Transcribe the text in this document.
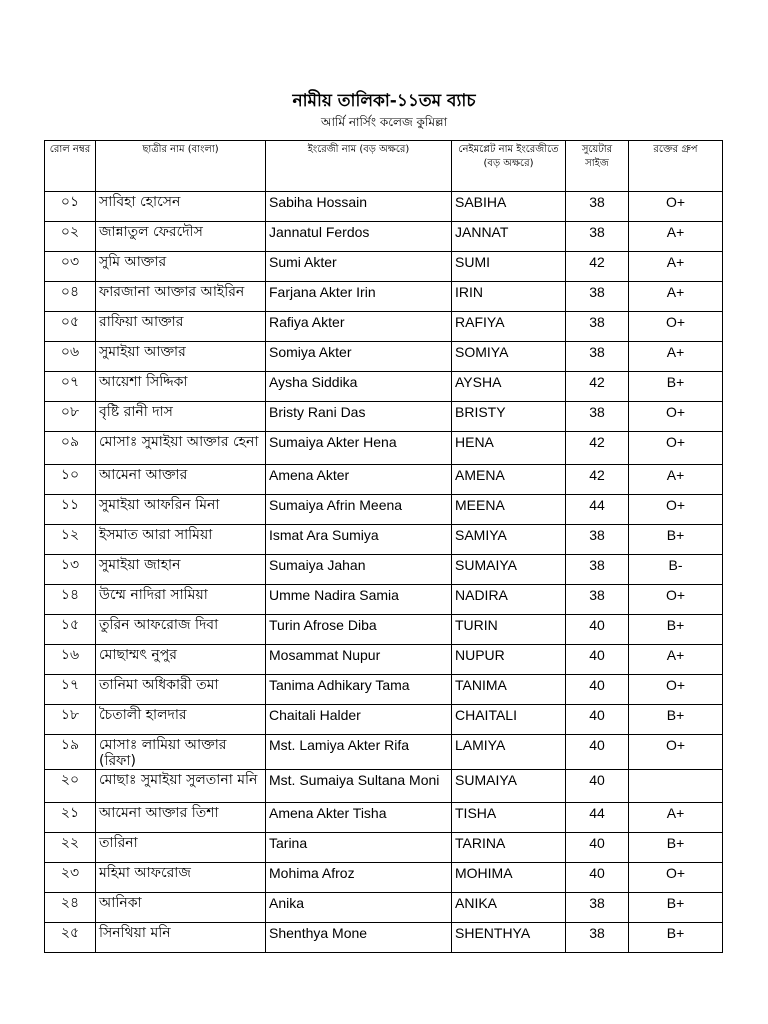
নামীয় তালিকা-১১তম ব্যাচ
আর্মি নার্সিং কলেজ কুমিল্লা
রোল নম্বর	ছাত্রীর নাম (বাংলা)	ইংরেজী নাম (বড় অক্ষরে)	নেইমপ্লেট নাম ইংরেজীতে (বড় অক্ষরে)	সুয়েটার সাইজ	রক্তের গ্রুপ
০১	সাবিহা হোসেন	Sabiha Hossain	SABIHA	38	O+
০২	জান্নাতুল ফেরদৌস	Jannatul Ferdos	JANNAT	38	A+
০৩	সুমি আক্তার	Sumi Akter	SUMI	42	A+
০৪	ফারজানা আক্তার আইরিন	Farjana Akter Irin	IRIN	38	A+
০৫	রাফিয়া আক্তার	Rafiya Akter	RAFIYA	38	O+
০৬	সুমাইয়া আক্তার	Somiya Akter	SOMIYA	38	A+
০৭	আয়েশা সিদ্দিকা	Aysha Siddika	AYSHA	42	B+
০৮	বৃষ্টি রানী দাস	Bristy Rani Das	BRISTY	38	O+
০৯	মোসাঃ সুমাইয়া আক্তার হেনা	Sumaiya Akter Hena	HENA	42	O+
১০	আমেনা আক্তার	Amena Akter	AMENA	42	A+
১১	সুমাইয়া আফরিন মিনা	Sumaiya Afrin Meena	MEENA	44	O+
১২	ইসমাত আরা সামিয়া	Ismat Ara Sumiya	SAMIYA	38	B+
১৩	সুমাইয়া জাহান	Sumaiya Jahan	SUMAIYA	38	B-
১৪	উম্মে নাদিরা সামিয়া	Umme Nadira Samia	NADIRA	38	O+
১৫	তুরিন আফরোজ দিবা	Turin Afrose Diba	TURIN	40	B+
১৬	মোছাম্মৎ নুপুর	Mosammat Nupur	NUPUR	40	A+
১৭	তানিমা অধিকারী তমা	Tanima Adhikary Tama	TANIMA	40	O+
১৮	চৈতালী হালদার	Chaitali Halder	CHAITALI	40	B+
১৯	মোসাঃ লামিয়া আক্তার (রিফা)	Mst. Lamiya Akter Rifa	LAMIYA	40	O+
২০	মোছাঃ সুমাইয়া সুলতানা মনি	Mst. Sumaiya Sultana Moni	SUMAIYA	40	
২১	আমেনা আক্তার তিশা	Amena Akter Tisha	TISHA	44	A+
২২	তারিনা	Tarina	TARINA	40	B+
২৩	মহিমা আফরোজ	Mohima Afroz	MOHIMA	40	O+
২৪	আনিকা	Anika	ANIKA	38	B+
২৫	সিনথিয়া মনি	Shenthya Mone	SHENTHYA	38	B+
